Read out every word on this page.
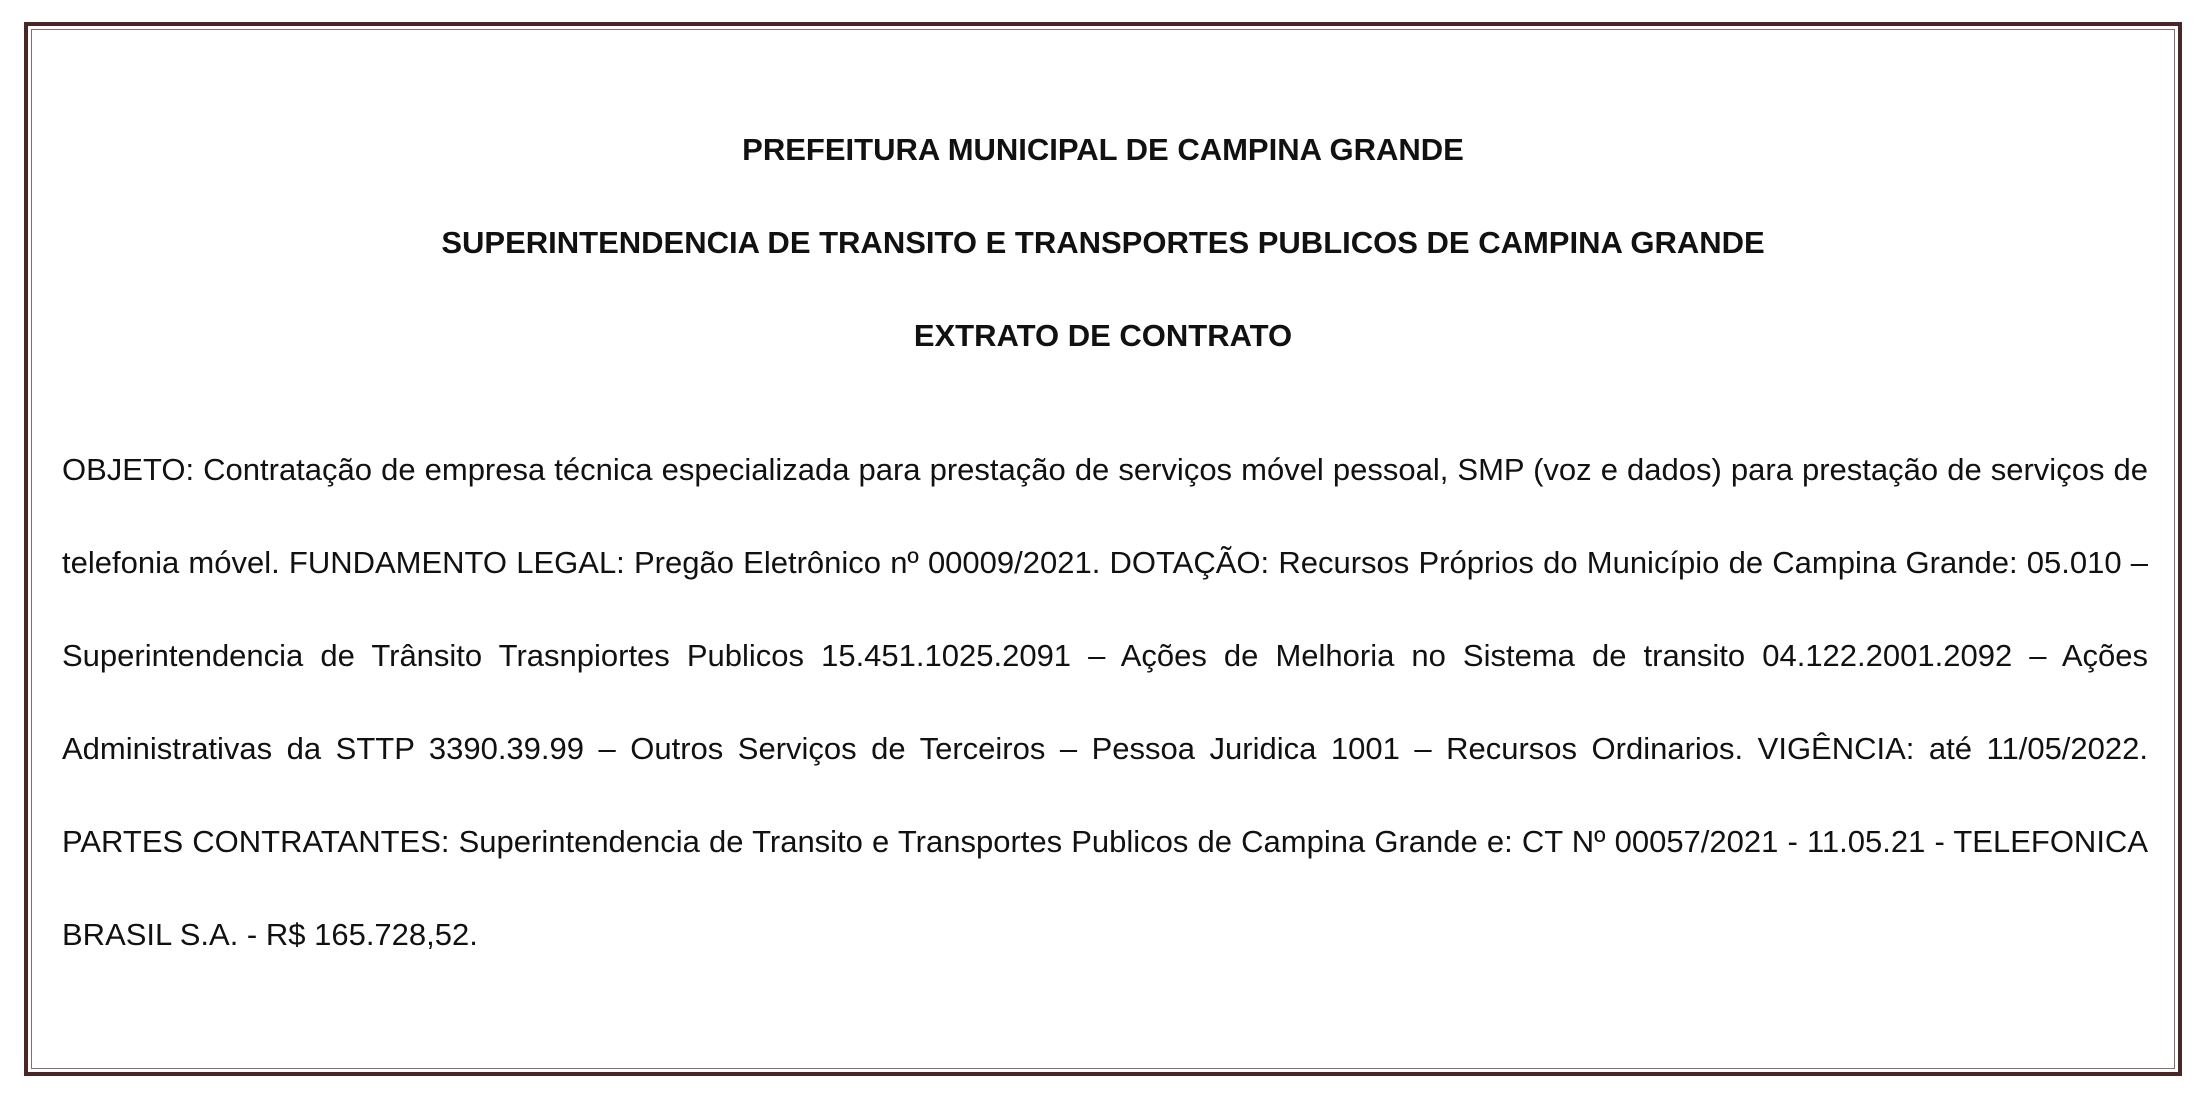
PREFEITURA MUNICIPAL DE CAMPINA GRANDE
SUPERINTENDENCIA DE TRANSITO E TRANSPORTES PUBLICOS DE CAMPINA GRANDE
EXTRATO DE CONTRATO

OBJETO: Contratação de empresa técnica especializada para prestação de serviços móvel pessoal, SMP (voz e dados) para prestação de serviços de telefonia móvel. FUNDAMENTO LEGAL: Pregão Eletrônico nº 00009/2021. DOTAÇÃO: Recursos Próprios do Município de Campina Grande: 05.010 – Superintendencia de Trânsito Trasnpiortes Publicos 15.451.1025.2091 – Ações de Melhoria no Sistema de transito 04.122.2001.2092 – Ações Administrativas da STTP 3390.39.99 – Outros Serviços de Terceiros – Pessoa Juridica 1001 – Recursos Ordinarios. VIGÊNCIA: até 11/05/2022. PARTES CONTRATANTES: Superintendencia de Transito e Transportes Publicos de Campina Grande e: CT Nº 00057/2021 - 11.05.21 - TELEFONICA BRASIL S.A. - R$ 165.728,52.
